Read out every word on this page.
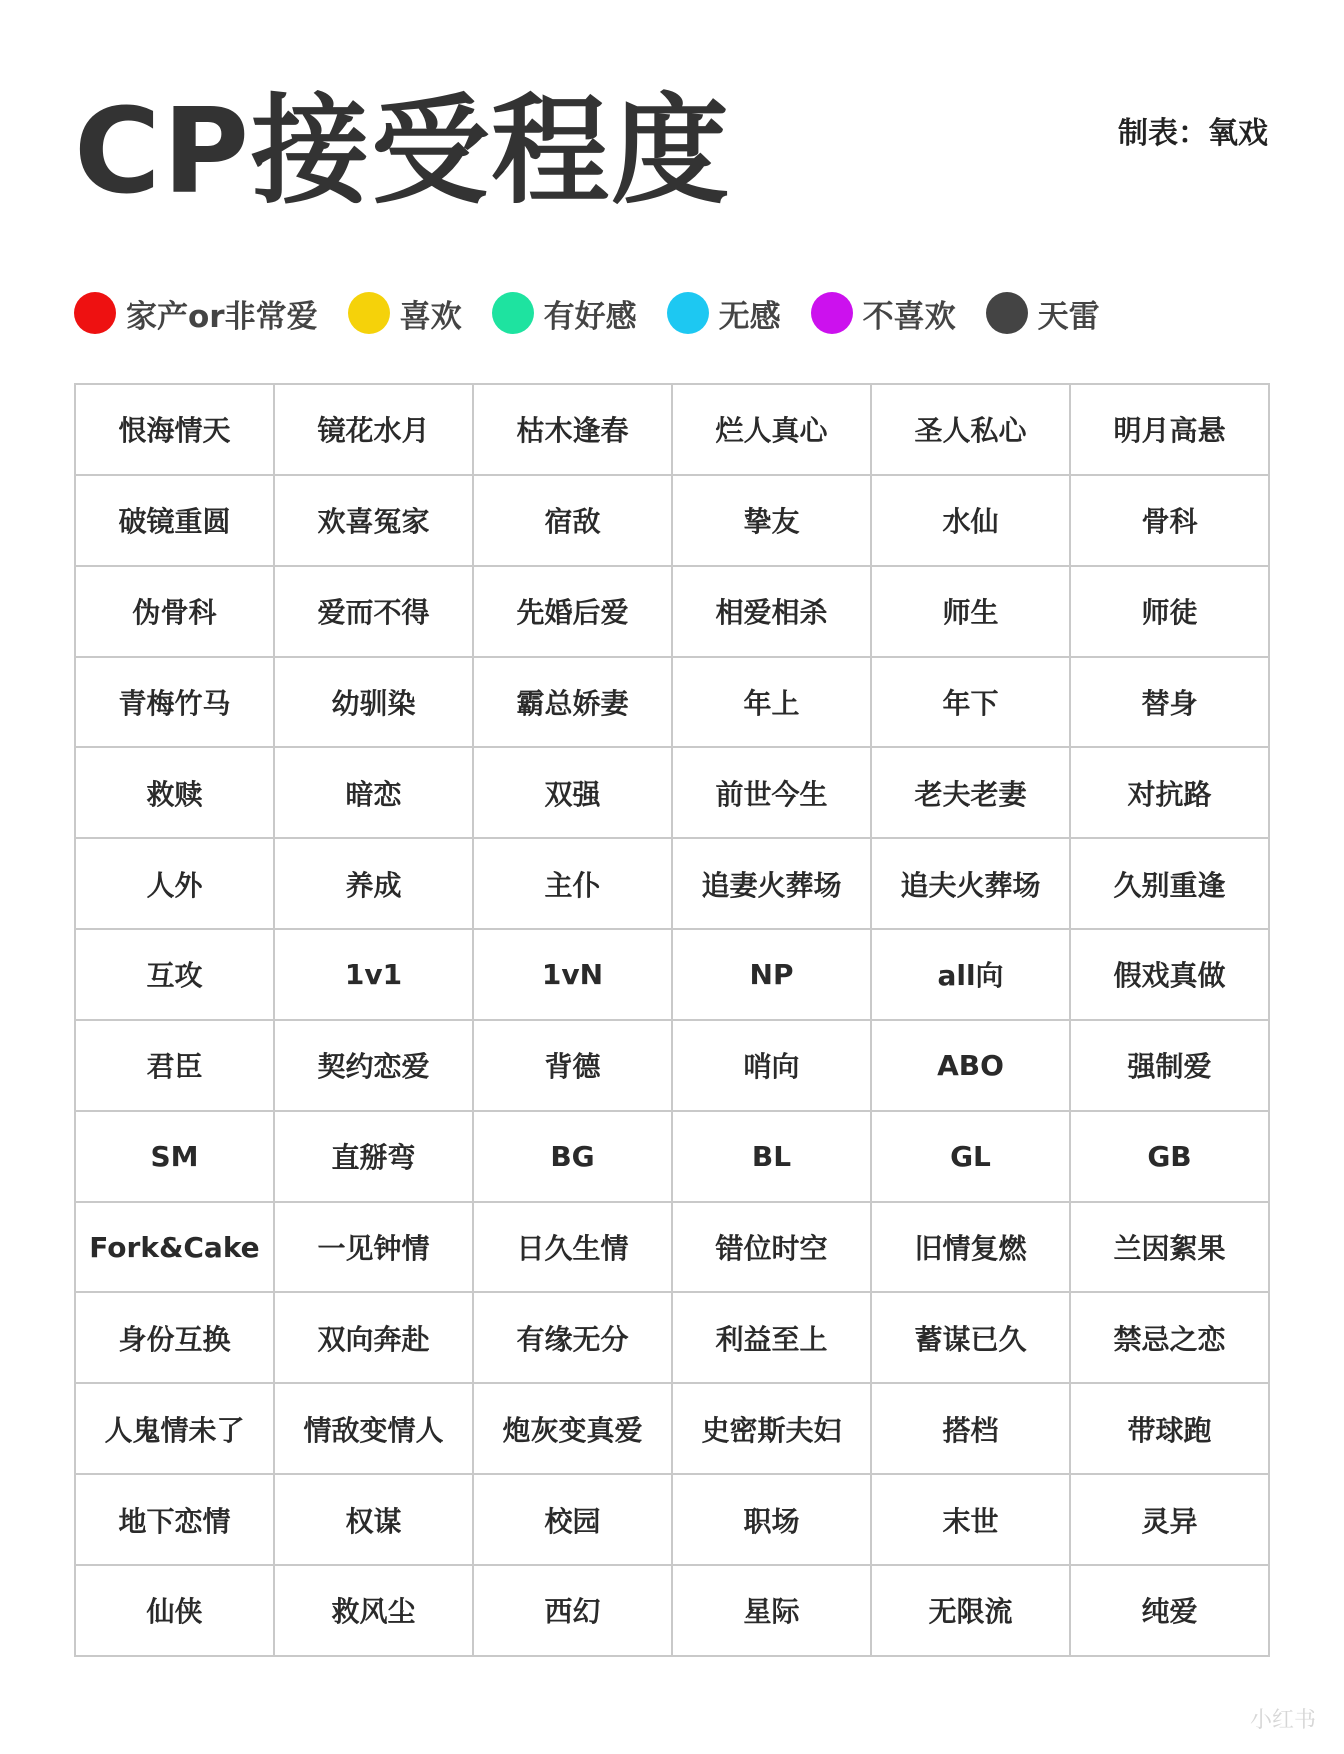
CP接受程度	制表：氧戏
家产or非常爱	喜欢	有好感	无感	不喜欢	天雷
恨海情天	镜花水月	枯木逢春	烂人真心	圣人私心	明月高悬
破镜重圆	欢喜冤家	宿敌	挚友	水仙	骨科
伪骨科	爱而不得	先婚后爱	相爱相杀	师生	师徒
青梅竹马	幼驯染	霸总娇妻	年上	年下	替身
救赎	暗恋	双强	前世今生	老夫老妻	对抗路
人外	养成	主仆	追妻火葬场	追夫火葬场	久别重逢
互攻	1v1	1vN	NP	all向	假戏真做
君臣	契约恋爱	背德	哨向	ABO	强制爱
SM	直掰弯	BG	BL	GL	GB
Fork&Cake	一见钟情	日久生情	错位时空	旧情复燃	兰因絮果
身份互换	双向奔赴	有缘无分	利益至上	蓄谋已久	禁忌之恋
人鬼情未了	情敌变情人	炮灰变真爱	史密斯夫妇	搭档	带球跑
地下恋情	权谋	校园	职场	末世	灵异
仙侠	救风尘	西幻	星际	无限流	纯爱
小红书
